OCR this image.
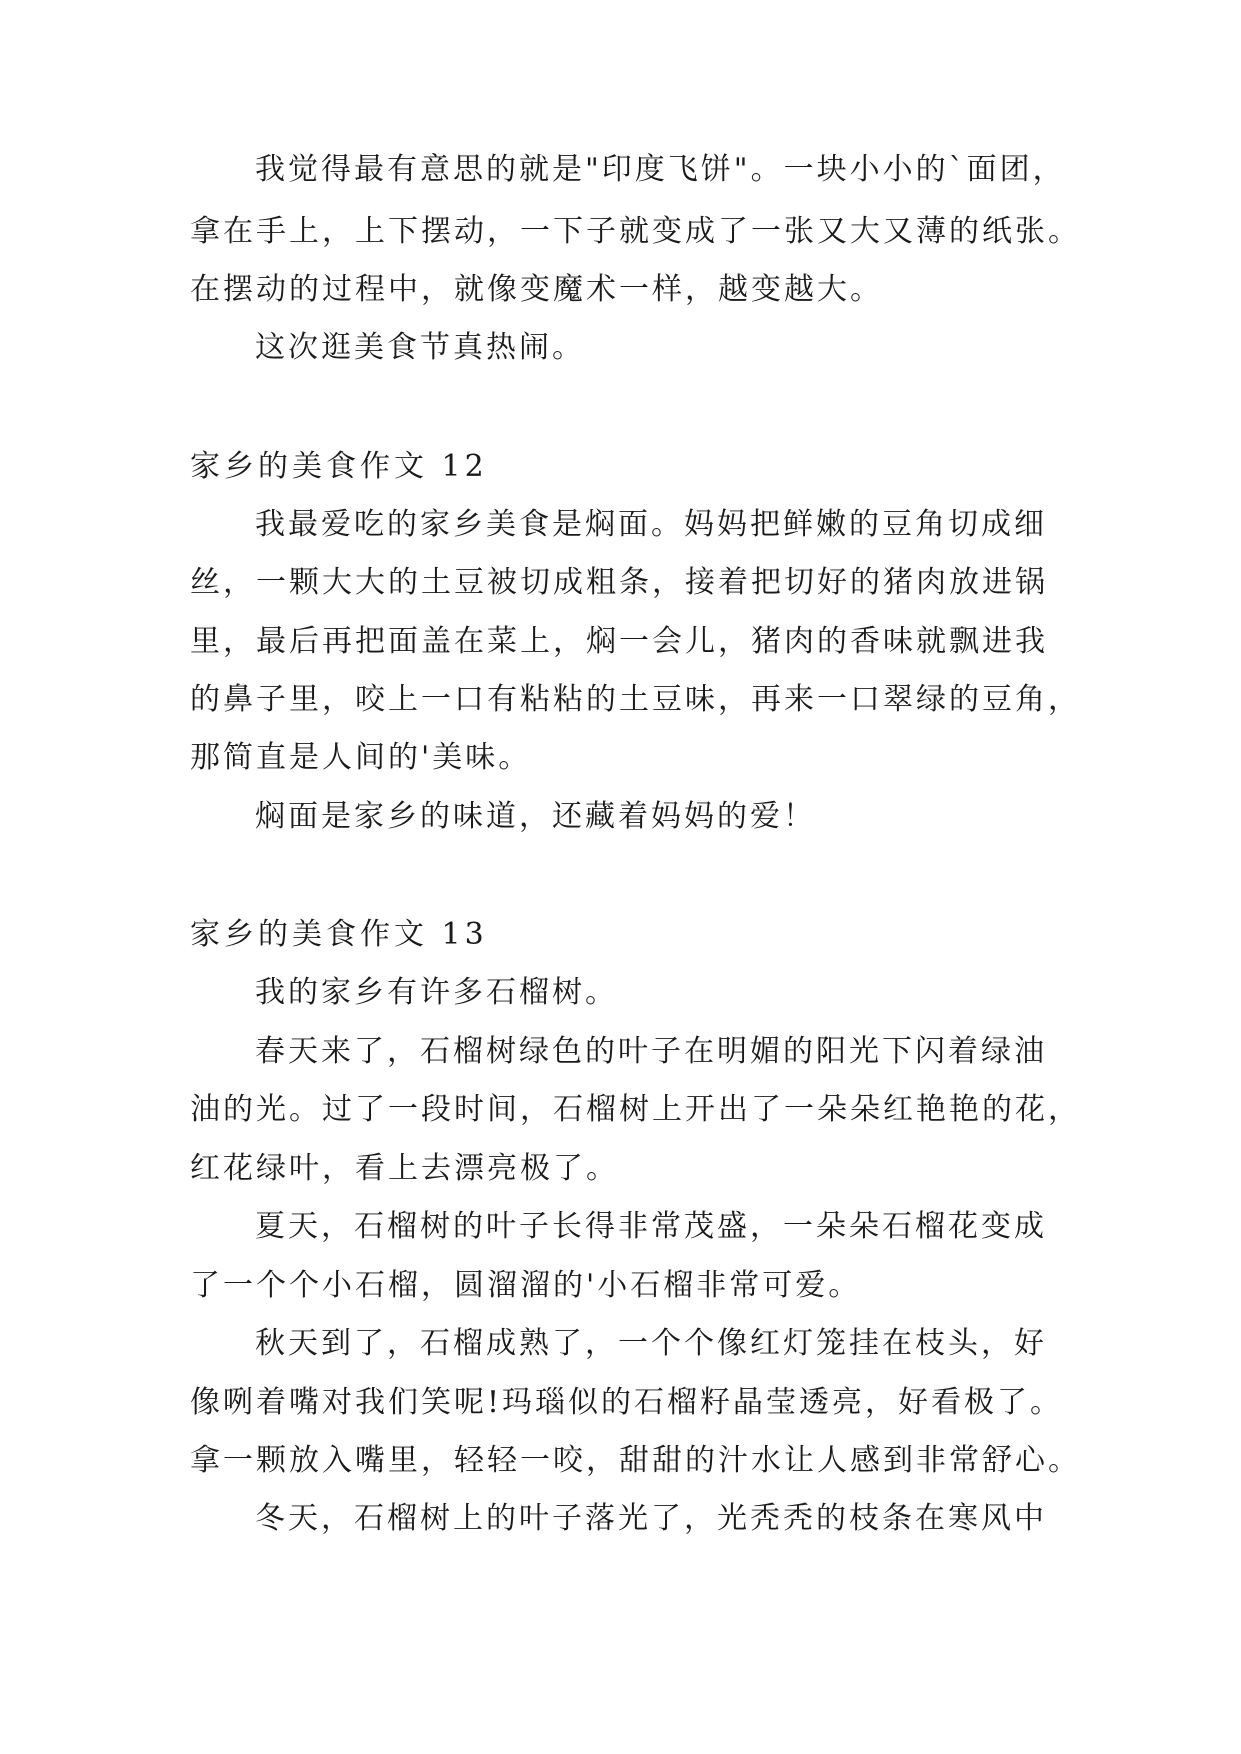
我觉得最有意思的就是"印度飞饼"。一块小小的`面团，
拿在手上，上下摆动，一下子就变成了一张又大又薄的纸张。
在摆动的过程中，就像变魔术一样，越变越大。
这次逛美食节真热闹。
家乡的美食作文 12
我最爱吃的家乡美食是焖面。妈妈把鲜嫩的豆角切成细
丝，一颗大大的土豆被切成粗条，接着把切好的猪肉放进锅
里，最后再把面盖在菜上，焖一会儿，猪肉的香味就飘进我
的鼻子里，咬上一口有粘粘的土豆味，再来一口翠绿的豆角，
那简直是人间的'美味。
焖面是家乡的味道，还藏着妈妈的爱！
家乡的美食作文 13
我的家乡有许多石榴树。
春天来了，石榴树绿色的叶子在明媚的阳光下闪着绿油
油的光。过了一段时间，石榴树上开出了一朵朵红艳艳的花，
红花绿叶，看上去漂亮极了。
夏天，石榴树的叶子长得非常茂盛，一朵朵石榴花变成
了一个个小石榴，圆溜溜的'小石榴非常可爱。
秋天到了，石榴成熟了，一个个像红灯笼挂在枝头，好
像咧着嘴对我们笑呢!玛瑙似的石榴籽晶莹透亮，好看极了。
拿一颗放入嘴里，轻轻一咬，甜甜的汁水让人感到非常舒心。
冬天，石榴树上的叶子落光了，光秃秃的枝条在寒风中
